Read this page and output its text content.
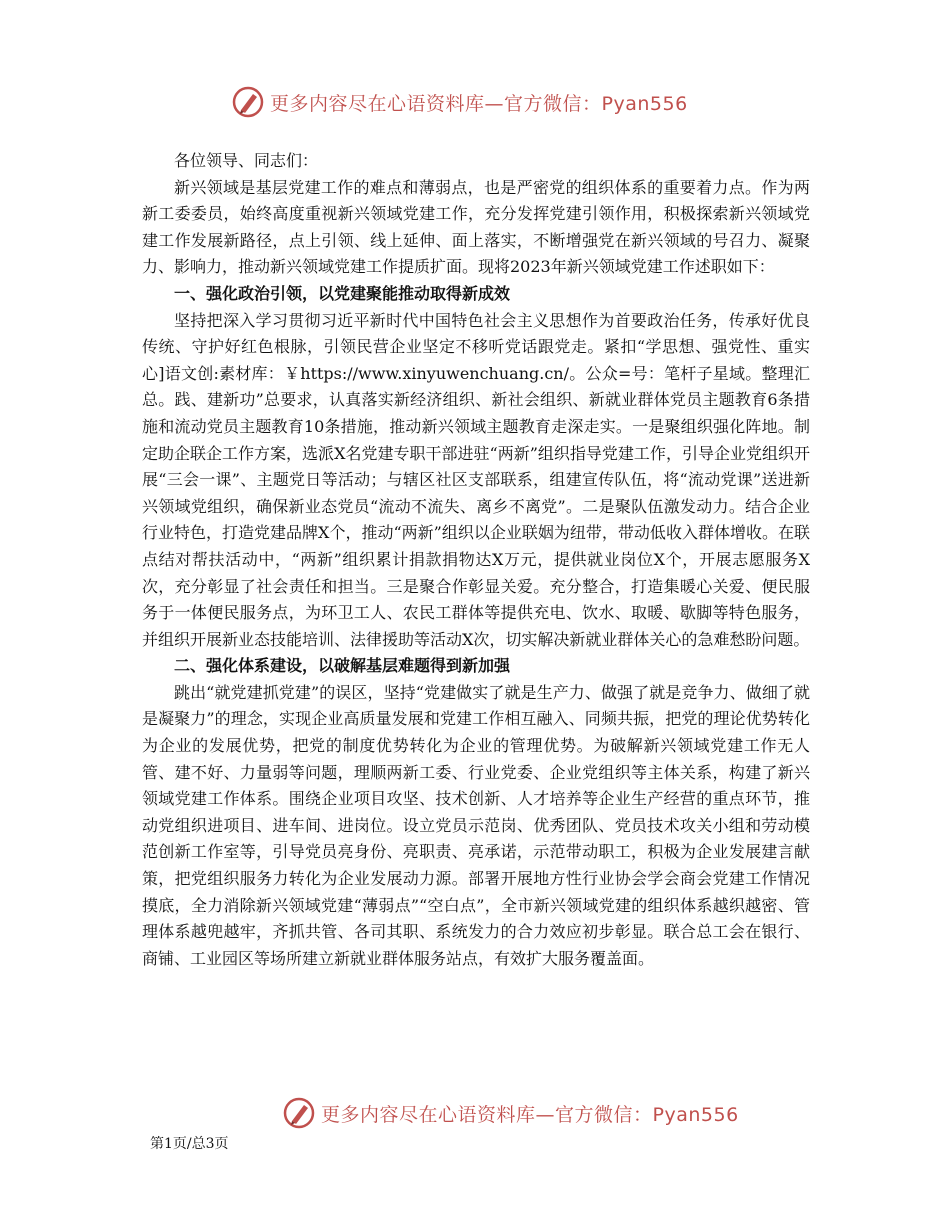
更多内容尽在心语资料库—官方微信：Pyan556

各位领导、同志们：

新兴领域是基层党建工作的难点和薄弱点，也是严密党的组织体系的重要着力点。作为两新工委委员，始终高度重视新兴领域党建工作，充分发挥党建引领作用，积极探索新兴领域党建工作发展新路径，点上引领、线上延伸、面上落实，不断增强党在新兴领域的号召力、凝聚力、影响力，推动新兴领域党建工作提质扩面。现将2023年新兴领域党建工作述职如下：

一、强化政治引领，以党建聚能推动取得新成效

坚持把深入学习贯彻习近平新时代中国特色社会主义思想作为首要政治任务，传承好优良传统、守护好红色根脉，引领民营企业坚定不移听党话跟党走。紧扣“学思想、强党性、重实心]语文创:素材库：￥https://www.xinyuwenchuang.cn/。公众=号：笔杆子星域。整理汇总。践、建新功”总要求，认真落实新经济组织、新社会组织、新就业群体党员主题教育6条措施和流动党员主题教育10条措施，推动新兴领域主题教育走深走实。一是聚组织强化阵地。制定助企联企工作方案，选派X名党建专职干部进驻“两新”组织指导党建工作，引导企业党组织开展“三会一课”、主题党日等活动；与辖区社区支部联系，组建宣传队伍，将“流动党课”送进新兴领域党组织，确保新业态党员“流动不流失、离乡不离党”。二是聚队伍激发动力。结合企业行业特色，打造党建品牌X个，推动“两新”组织以企业联姻为纽带，带动低收入群体增收。在联点结对帮扶活动中，“两新”组织累计捐款捐物达X万元，提供就业岗位X个，开展志愿服务X次，充分彰显了社会责任和担当。三是聚合作彰显关爱。充分整合，打造集暖心关爱、便民服务于一体便民服务点，为环卫工人、农民工群体等提供充电、饮水、取暖、歇脚等特色服务，并组织开展新业态技能培训、法律援助等活动X次，切实解决新就业群体关心的急难愁盼问题。

二、强化体系建设，以破解基层难题得到新加强

跳出“就党建抓党建”的误区，坚持“党建做实了就是生产力、做强了就是竞争力、做细了就是凝聚力”的理念，实现企业高质量发展和党建工作相互融入、同频共振，把党的理论优势转化为企业的发展优势，把党的制度优势转化为企业的管理优势。为破解新兴领域党建工作无人管、建不好、力量弱等问题，理顺两新工委、行业党委、企业党组织等主体关系，构建了新兴领域党建工作体系。围绕企业项目攻坚、技术创新、人才培养等企业生产经营的重点环节，推动党组织进项目、进车间、进岗位。设立党员示范岗、优秀团队、党员技术攻关小组和劳动模范创新工作室等，引导党员亮身份、亮职责、亮承诺，示范带动职工，积极为企业发展建言献策，把党组织服务力转化为企业发展动力源。部署开展地方性行业协会学会商会党建工作情况摸底，全力消除新兴领域党建“薄弱点”“空白点”，全市新兴领域党建的组织体系越织越密、管理体系越兜越牢，齐抓共管、各司其职、系统发力的合力效应初步彰显。联合总工会在银行、商铺、工业园区等场所建立新就业群体服务站点，有效扩大服务覆盖面。

更多内容尽在心语资料库—官方微信：Pyan556
第1页/总3页
